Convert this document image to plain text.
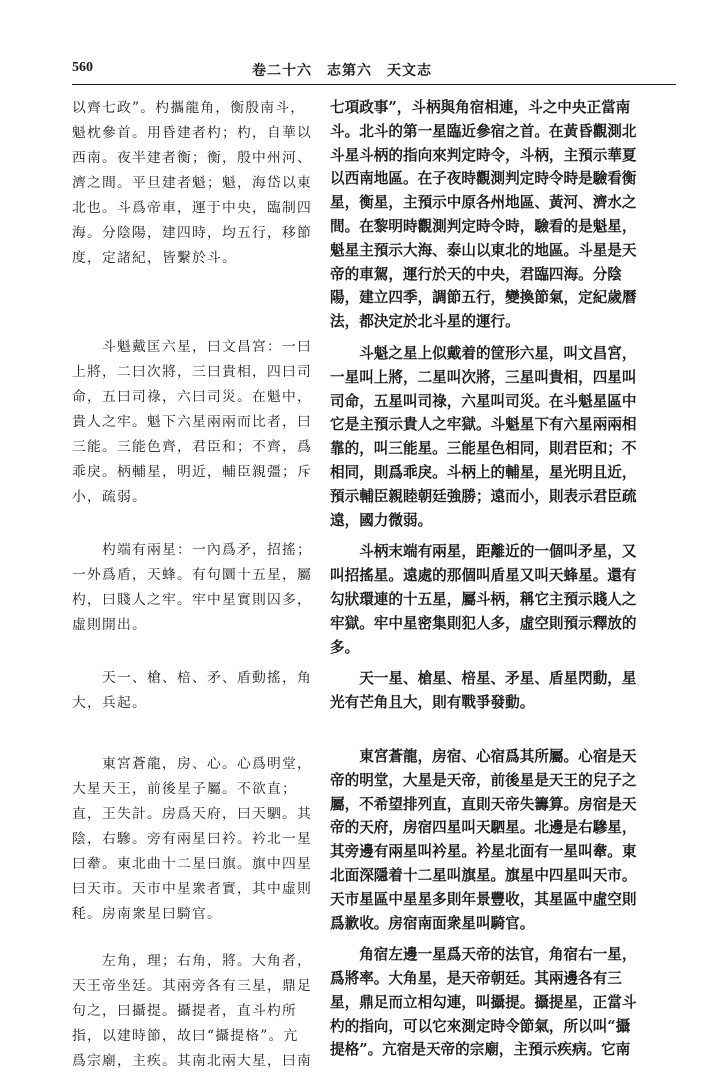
560	卷二十六　志第六　天文志

以齊七政”。杓攜龍角，衡殷南斗，
魁枕參首。用昏建者杓；杓，自華以
西南。夜半建者衡；衡，殷中州河、
濟之間。平旦建者魁；魁，海岱以東
北也。斗爲帝車，運于中央，臨制四
海。分陰陽，建四時，均五行，移節
度，定諸紀，皆繫於斗。

　　斗魁戴匡六星，曰文昌宮：一曰
上將，二曰次將，三曰貴相，四曰司
命，五曰司祿，六曰司災。在魁中，
貴人之牢。魁下六星兩兩而比者，曰
三能。三能色齊，君臣和；不齊，爲
乖戾。柄輔星，明近，輔臣親彊；斥
小，疏弱。

　　杓端有兩星：一內爲矛，招搖；
一外爲盾，天蜂。有句圜十五星，屬
杓，曰賤人之牢。牢中星實則囚多，
虛則開出。

　　天一、槍、棓、矛、盾動搖，角
大，兵起。

　　東宮蒼龍，房、心。心爲明堂，
大星天王，前後星子屬。不欲直；
直，王失計。房爲天府，曰天駟。其
陰，右驂。旁有兩星曰衿。衿北一星
曰舝。東北曲十二星曰旗。旗中四星
曰天市。天市中星衆者實，其中虛則
秏。房南衆星曰騎官。

　　左角，理；右角，將。大角者，
天王帝坐廷。其兩旁各有三星，鼎足
句之，曰攝提。攝提者，直斗杓所
指，以建時節，故曰“攝提格”。亢
爲宗廟，主疾。其南北兩大星，曰南

七項政事”，斗柄與角宿相連，斗之中央正當南
斗。北斗的第一星臨近參宿之首。在黃昏觀測北
斗星斗柄的指向來判定時令，斗柄，主預示華夏
以西南地區。在子夜時觀測判定時令時是驗看衡
星，衡星，主預示中原各州地區、黃河、濟水之
間。在黎明時觀測判定時令時，驗看的是魁星，
魁星主預示大海、泰山以東北的地區。斗星是天
帝的車駕，運行於天的中央，君臨四海。分陰
陽，建立四季，調節五行，變換節氣，定紀歲曆
法，都決定於北斗星的運行。

　　斗魁之星上似戴着的筐形六星，叫文昌宮，
一星叫上將，二星叫次將，三星叫貴相，四星叫
司命，五星叫司祿，六星叫司災。在斗魁星區中
它是主預示貴人之牢獄。斗魁星下有六星兩兩相
靠的，叫三能星。三能星色相同，則君臣和；不
相同，則爲乖戾。斗柄上的輔星，星光明且近，
預示輔臣親睦朝廷強勝；遠而小，則表示君臣疏
遠，國力微弱。

　　斗柄末端有兩星，距離近的一個叫矛星，又
叫招搖星。遠處的那個叫盾星又叫天蜂星。還有
勾狀環連的十五星，屬斗柄，稱它主預示賤人之
牢獄。牢中星密集則犯人多，虛空則預示釋放的
多。

　　天一星、槍星、棓星、矛星、盾星閃動，星
光有芒角且大，則有戰爭發動。

　　東宮蒼龍，房宿、心宿爲其所屬。心宿是天
帝的明堂，大星是天帝，前後星是天王的兒子之
屬，不希望排列直，直則天帝失籌算。房宿是天
帝的天府，房宿四星叫天駟星。北邊是右驂星，
其旁邊有兩星叫衿星。衿星北面有一星叫舝。東
北面深隱着十二星叫旗星。旗星中四星叫天市。
天市星區中星星多則年景豐收，其星區中虛空則
爲歉收。房宿南面衆星叫騎官。

　　角宿左邊一星爲天帝的法官，角宿右一星，
爲將率。大角星，是天帝朝廷。其兩邊各有三
星，鼎足而立相勾連，叫攝提。攝提星，正當斗
杓的指向，可以它來測定時令節氣，所以叫“攝
提格”。亢宿是天帝的宗廟，主預示疾病。它南
